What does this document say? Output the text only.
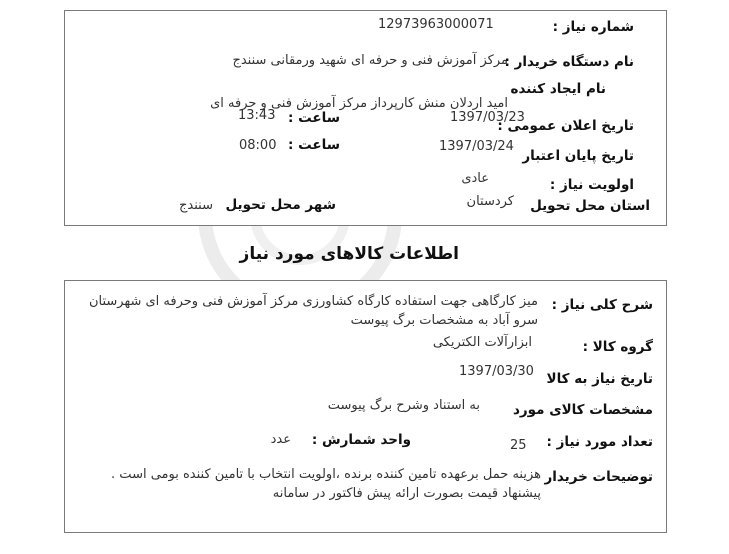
شماره نیاز :
12973963000071
نام دستگاه خریدار :
مرکز آموزش فنی و حرفه ای شهید ورمقانی سنندج
نام ایجاد کننده
امید اردلان منش کارپرداز مرکز آموزش فنی و حرفه ای
تاریخ اعلان عمومی :
1397/03/23
ساعت :
13:43
تاریخ پایان اعتبار
1397/03/24
ساعت :
08:00
اولویت نیاز :
عادی
استان محل تحویل
کردستان
شهر محل تحویل
سنندج
اطلاعات کالاهای مورد نیاز
شرح کلی نیاز :
میز کارگاهی جهت استفاده کارگاه کشاورزی مرکز آموزش فنی وحرفه ای شهرستان
سرو آباد به مشخصات برگ پیوست
گروه کالا :
ابزارآلات الکتریکی
تاریخ نیاز به کالا
1397/03/30
مشخصات کالای مورد
به استناد وشرح برگ پیوست
تعداد مورد نیاز :
25
واحد شمارش :
عدد
توضیحات خریدار
هزینه حمل برعهده تامین کننده برنده ،اولویت انتخاب با تامین کننده بومی است .
پیشنهاد قیمت بصورت ارائه پیش فاکتور در سامانه
